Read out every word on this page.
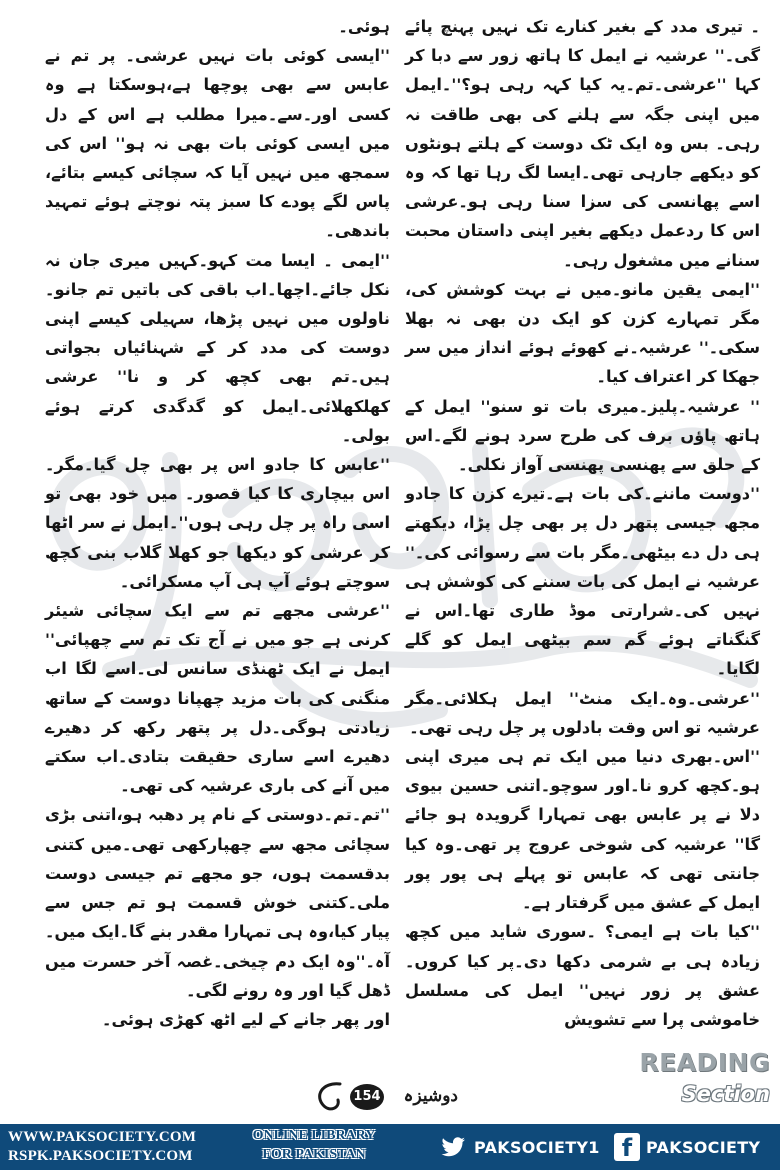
۔ تیری مدد کے بغیر کنارے تک نہیں پہنچ پائے گی۔'' عرشیہ نے ایمل کا ہاتھ زور سے دبا کر کہا ''عرشی۔تم۔یہ کیا کہہ رہی ہو؟''۔ایمل میں اپنی جگہ سے ہلنے کی بھی طاقت نہ رہی۔ بس وہ ایک ٹک دوست کے ہلتے ہونٹوں کو دیکھے جارہی تھی۔ایسا لگ رہا تھا کہ وہ اسے پھانسی کی سزا سنا رہی ہو۔عرشی اس کا ردعمل دیکھے بغیر اپنی داستان محبت سنانے میں مشغول رہی۔

''ایمی یقین مانو۔میں نے بہت کوشش کی، مگر تمہارے کزن کو ایک دن بھی نہ بھلا سکی۔'' عرشیہ۔نے کھوئے ہوئے انداز میں سر جھکا کر اعتراف کیا۔

'' عرشیہ۔پلیز۔میری بات تو سنو'' ایمل کے ہاتھ پاؤں برف کی طرح سرد ہونے لگے۔اس کے حلق سے پھنسی پھنسی آواز نکلی۔

''دوست ماننے۔کی بات ہے۔تیرے کزن کا جادو مجھ جیسی پتھر دل پر بھی چل پڑا، دیکھتے ہی دل دے بیٹھی۔مگر بات سے رسوائی کی۔'' عرشیہ نے ایمل کی بات سننے کی کوشش ہی نہیں کی۔شرارتی موڈ طاری تھا۔اس نے گنگناتے ہوئے گم سم بیٹھی ایمل کو گلے لگایا۔

''عرشی۔وہ۔ایک منٹ'' ایمل ہکلائی۔مگر عرشیہ تو اس وقت بادلوں پر چل رہی تھی۔

''اس۔بھری دنیا میں ایک تم ہی میری اپنی ہو۔کچھ کرو نا۔اور سوچو۔اتنی حسین بیوی دلا نے پر عابس بھی تمہارا گرویدہ ہو جائے گا'' عرشیہ کی شوخی عروج پر تھی۔وہ کیا جانتی تھی کہ عابس تو پہلے ہی پور پور ایمل کے عشق میں گرفتار ہے۔

''کیا بات ہے ایمی؟ ۔سوری شاید میں کچھ زیادہ ہی بے شرمی دکھا دی۔پر کیا کروں۔عشق پر زور نہیں'' ایمل کی مسلسل خاموشی پرا سے تشویش

ہوئی۔

''ایسی کوئی بات نہیں عرشی۔ پر تم نے عابس سے بھی پوچھا ہے،ہوسکتا ہے وہ کسی اور۔سے۔میرا مطلب ہے اس کے دل میں ایسی کوئی بات بھی نہ ہو'' اس کی سمجھ میں نہیں آیا کہ سچائی کیسے بتائے، پاس لگے پودے کا سبز پتہ نوچتے ہوئے تمہید باندھی۔

''ایمی ۔ ایسا مت کہو۔کہیں میری جان نہ نکل جائے۔اچھا۔اب باقی کی باتیں تم جانو۔ ناولوں میں نہیں پڑھا، سہیلی کیسے اپنی دوست کی مدد کر کے شہنائیاں بجواتی ہیں۔تم بھی کچھ کر و نا'' عرشی کھلکھلائی۔ایمل کو گدگدی کرتے ہوئے بولی۔

''عابس کا جادو اس پر بھی چل گیا۔مگر۔اس بیچاری کا کیا قصور۔ میں خود بھی تو اسی راہ پر چل رہی ہوں''۔ایمل نے سر اٹھا کر عرشی کو دیکھا جو کھلا گلاب بنی کچھ سوچتے ہوئے آپ ہی آپ مسکرائی۔

''عرشی مجھے تم سے ایک سچائی شیئر کرنی ہے جو میں نے آج تک تم سے چھپائی'' ایمل نے ایک ٹھنڈی سانس لی۔اسے لگا اب منگنی کی بات مزید چھپانا دوست کے ساتھ زیادتی ہوگی۔دل پر پتھر رکھ کر دھیرے دھیرے اسے ساری حقیقت بتادی۔اب سکتے میں آنے کی باری عرشیہ کی تھی۔

''تم۔تم۔دوستی کے نام پر دھبہ ہو،اتنی بڑی سچائی مجھ سے چھپارکھی تھی۔میں کتنی بدقسمت ہوں، جو مجھے تم جیسی دوست ملی۔کتنی خوش قسمت ہو تم جس سے پیار کیا،وہ ہی تمہارا مقدر بنے گا۔ایک میں۔آہ۔''وہ ایک دم چیخی۔غصہ آخر حسرت میں ڈھل گیا اور وہ رونے لگی۔

اور پھر جانے کے لیے اٹھ کھڑی ہوئی۔

154	دوشیزہ
READING
Section
WWW.PAKSOCIETY.COM
RSPK.PAKSOCIETY.COM
ONLINE LIBRARY
FOR PAKISTAN	PAKSOCIETY1 f PAKSOCIETY
